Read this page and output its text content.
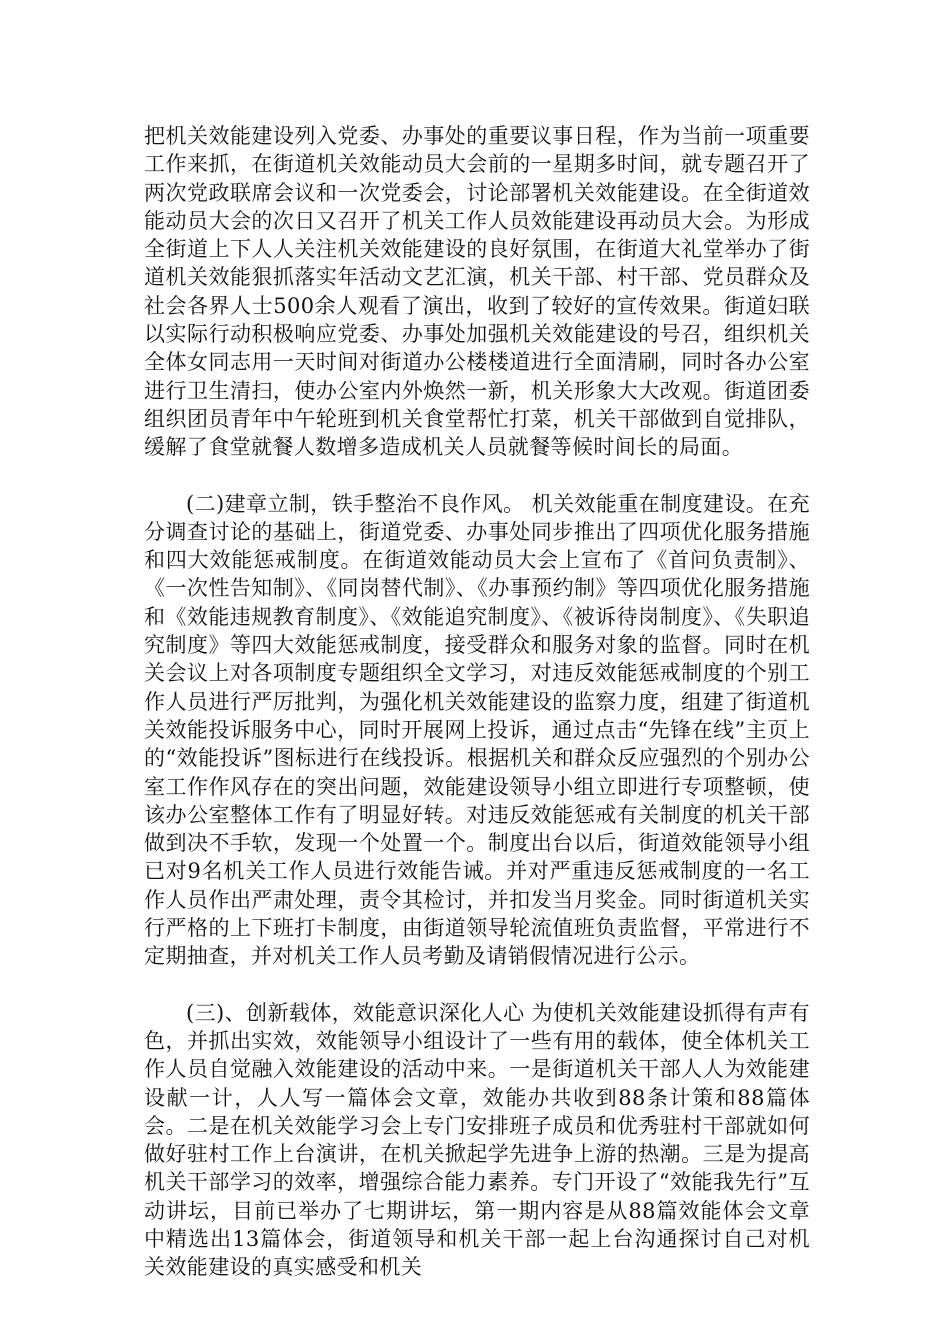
把机关效能建设列入党委、办事处的重要议事日程，作为当前一项重要工作来抓，在街道机关效能动员大会前的一星期多时间，就专题召开了两次党政联席会议和一次党委会，讨论部署机关效能建设。在全街道效能动员大会的次日又召开了机关工作人员效能建设再动员大会。为形成全街道上下人人关注机关效能建设的良好氛围，在街道大礼堂举办了街道机关效能狠抓落实年活动文艺汇演，机关干部、村干部、党员群众及社会各界人士500余人观看了演出，收到了较好的宣传效果。街道妇联以实际行动积极响应党委、办事处加强机关效能建设的号召，组织机关全体女同志用一天时间对街道办公楼楼道进行全面清刷，同时各办公室进行卫生清扫，使办公室内外焕然一新，机关形象大大改观。街道团委组织团员青年中午轮班到机关食堂帮忙打菜，机关干部做到自觉排队，缓解了食堂就餐人数增多造成机关人员就餐等候时间长的局面。

(二)建章立制，铁手整治不良作风。 机关效能重在制度建设。在充分调查讨论的基础上，街道党委、办事处同步推出了四项优化服务措施和四大效能惩戒制度。在街道效能动员大会上宣布了《首问负责制》、《一次性告知制》、《同岗替代制》、《办事预约制》等四项优化服务措施和《效能违规教育制度》、《效能追究制度》、《被诉待岗制度》、《失职追究制度》等四大效能惩戒制度，接受群众和服务对象的监督。同时在机关会议上对各项制度专题组织全文学习，对违反效能惩戒制度的个别工作人员进行严厉批判，为强化机关效能建设的监察力度，组建了街道机关效能投诉服务中心，同时开展网上投诉，通过点击“先锋在线”主页上的“效能投诉”图标进行在线投诉。根据机关和群众反应强烈的个别办公室工作作风存在的突出问题，效能建设领导小组立即进行专项整顿，使该办公室整体工作有了明显好转。对违反效能惩戒有关制度的机关干部做到决不手软，发现一个处置一个。制度出台以后，街道效能领导小组已对9名机关工作人员进行效能告诫。并对严重违反惩戒制度的一名工作人员作出严肃处理，责令其检讨，并扣发当月奖金。同时街道机关实行严格的上下班打卡制度，由街道领导轮流值班负责监督，平常进行不定期抽查，并对机关工作人员考勤及请销假情况进行公示。

(三)、创新载体，效能意识深化人心 为使机关效能建设抓得有声有色，并抓出实效，效能领导小组设计了一些有用的载体，使全体机关工作人员自觉融入效能建设的活动中来。一是街道机关干部人人为效能建设献一计，人人写一篇体会文章，效能办共收到88条计策和88篇体会。二是在机关效能学习会上专门安排班子成员和优秀驻村干部就如何做好驻村工作上台演讲，在机关掀起学先进争上游的热潮。三是为提高机关干部学习的效率，增强综合能力素养。专门开设了“效能我先行”互动讲坛，目前已举办了七期讲坛，第一期内容是从88篇效能体会文章中精选出13篇体会，街道领导和机关干部一起上台沟通探讨自己对机关效能建设的真实感受和机关
